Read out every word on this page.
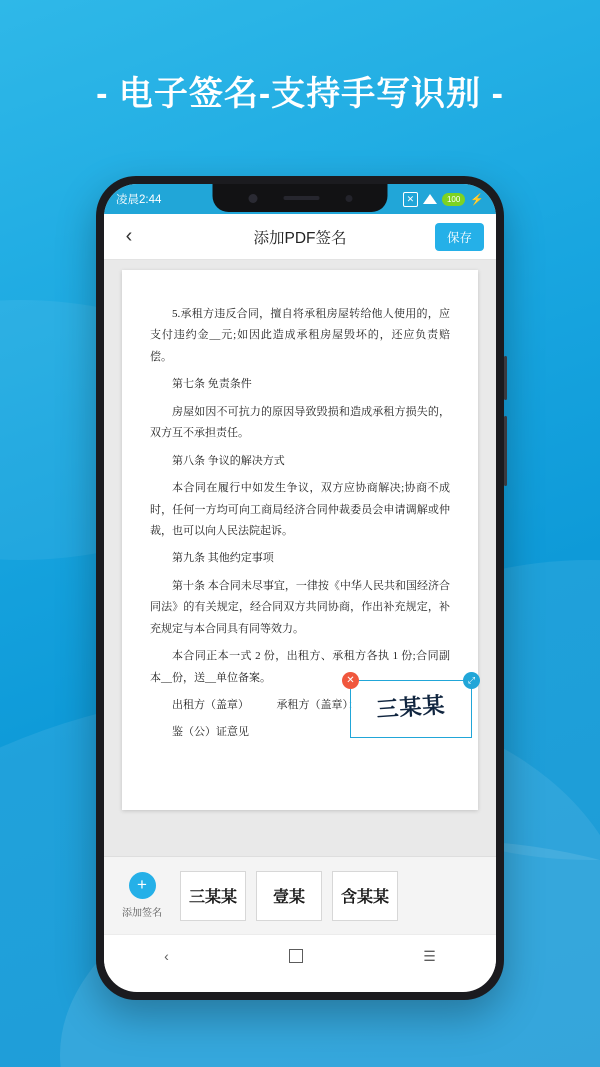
- 电子签名-支持手写识别 -
凌晨2:44	✕	100 ⚡
‹	添加PDF签名	保存

5.承租方违反合同，擅自将承租房屋转给他人使用的，应支付违约金__元;如因此造成承租房屋毁坏的，还应负责赔偿。

第七条 免责条件

房屋如因不可抗力的原因导致毁损和造成承租方损失的，双方互不承担责任。

第八条 争议的解决方式

本合同在履行中如发生争议，双方应协商解决;协商不成时，任何一方均可向工商局经济合同仲裁委员会申请调解或仲裁，也可以向人民法院起诉。

第九条 其他约定事项

第十条 本合同未尽事宜，一律按《中华人民共和国经济合同法》的有关规定，经合同双方共同协商，作出补充规定，补充规定与本合同具有同等效力。

本合同正本一式 2 份，出租方、承租方各执 1 份;合同副本__份，送__单位备案。

出租方（盖章）　　　承租方（盖章）：

鉴（公）证意见

三某某
✕	⤢
+
添加签名
三某某	壹某	含某某
‹	☰
